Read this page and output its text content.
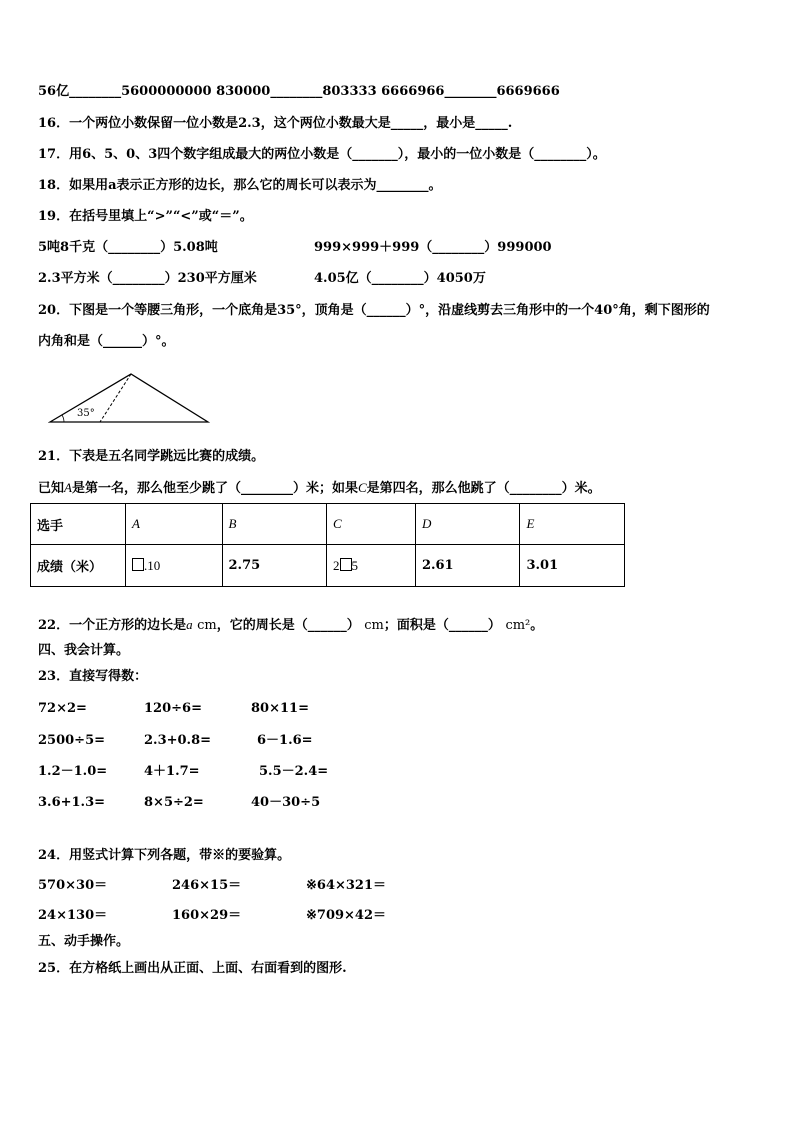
56亿________5600000000 830000________803333 6666966________6669666
16．一个两位小数保留一位小数是2.3，这个两位小数最大是_____，最小是_____.
17．用6、5、0、3四个数字组成最大的两位小数是（_______），最小的一位小数是（________）。
18．如果用a表示正方形的边长，那么它的周长可以表示为________。
19．在括号里填上“>”“<”或“＝”。
5吨8千克（________）5.08吨	999×999＋999（________）999000
2.3平方米（________）230平方厘米	4.05亿（________）4050万
20．下图是一个等腰三角形，一个底角是35°，顶角是（______）°，沿虚线剪去三角形中的一个40°角，剩下图形的
内角和是（______）°。
35°
21．下表是五名同学跳远比赛的成绩。
已知A是第一名，那么他至少跳了（________）米；如果C是第四名，那么他跳了（________）米。
选手	A	B	C	D	E
成绩（米）	.10	2.75	2 5	2.61	3.01
22．一个正方形的边长是a cm，它的周长是（______） cm；面积是（______） cm²。
四、我会计算。
23．直接写得数：
72×2=	120÷6=	80×11=
2500÷5=	2.3+0.8=	6－1.6=
1.2－1.0=	4＋1.7=	5.5－2.4=
3.6+1.3=	8×5÷2=	40－30÷5
24．用竖式计算下列各题，带※的要验算。
570×30＝	246×15＝	※64×321＝
24×130＝	160×29＝	※709×42＝
五、动手操作。
25．在方格纸上画出从正面、上面、右面看到的图形.
